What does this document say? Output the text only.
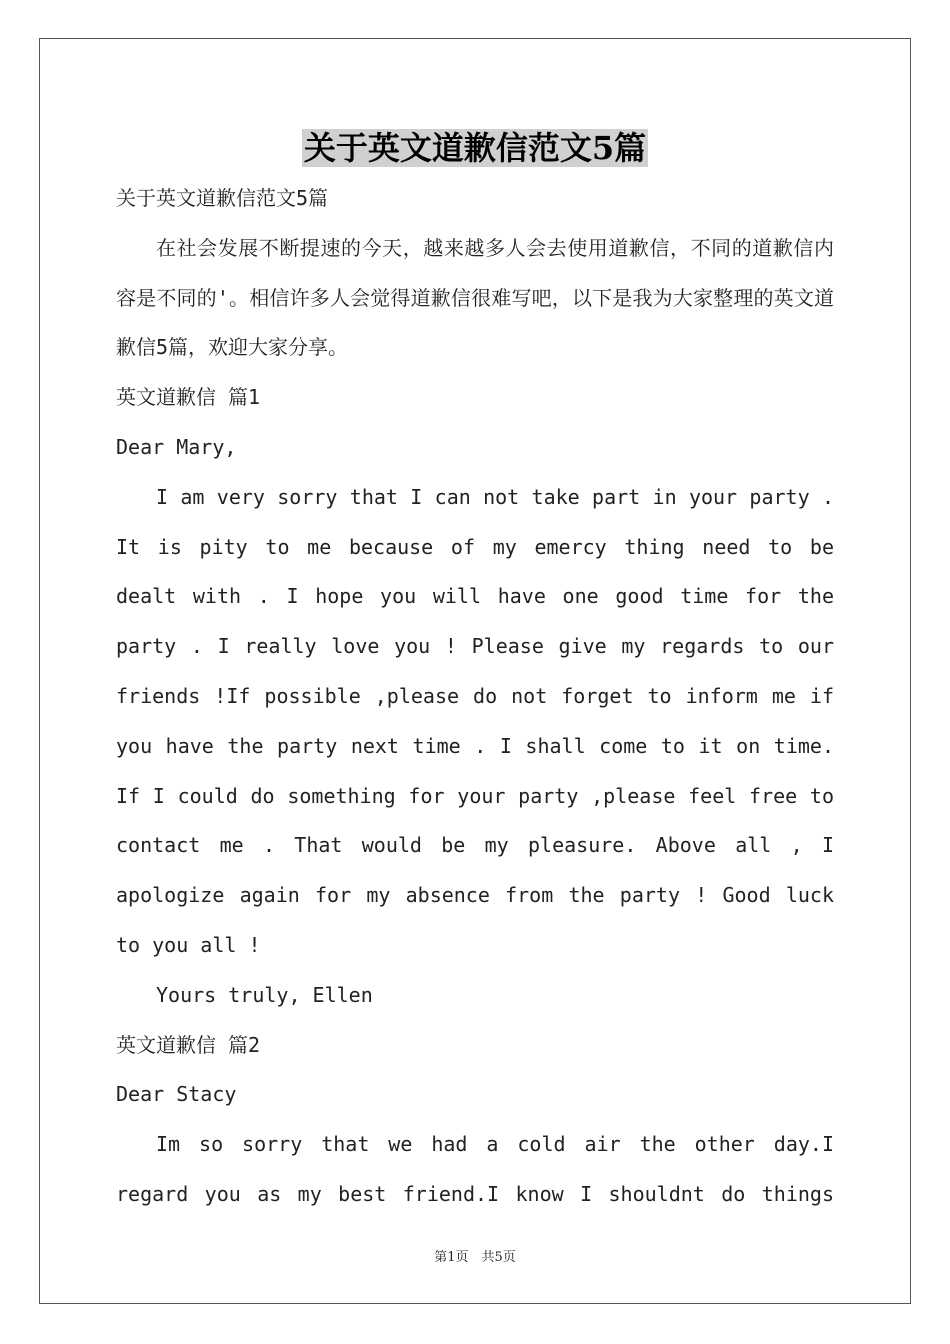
关于英文道歉信范文5篇

关于英文道歉信范文5篇

在社会发展不断提速的今天，越来越多人会去使用道歉信，不同的道歉信内容是不同的'。相信许多人会觉得道歉信很难写吧，以下是我为大家整理的英文道歉信5篇，欢迎大家分享。

英文道歉信 篇1

Dear Mary,

I am very sorry that I can not take part in your party . It is pity to me because of my emercy thing need to be dealt with . I hope you will have one good time for the party . I really love you ! Please give my regards to our friends !If possible ,please do not forget to inform me if you have the party next time . I shall come to it on time. If I could do something for your party ,please feel free to contact me . That would be my pleasure. Above all , I apologize again for my absence from the party ! Good luck to you all !

Yours truly, Ellen

英文道歉信 篇2

Dear Stacy

Im so sorry that we had a cold air the other day.I regard you as my best friend.I know I shouldnt do things

第1页　共5页
